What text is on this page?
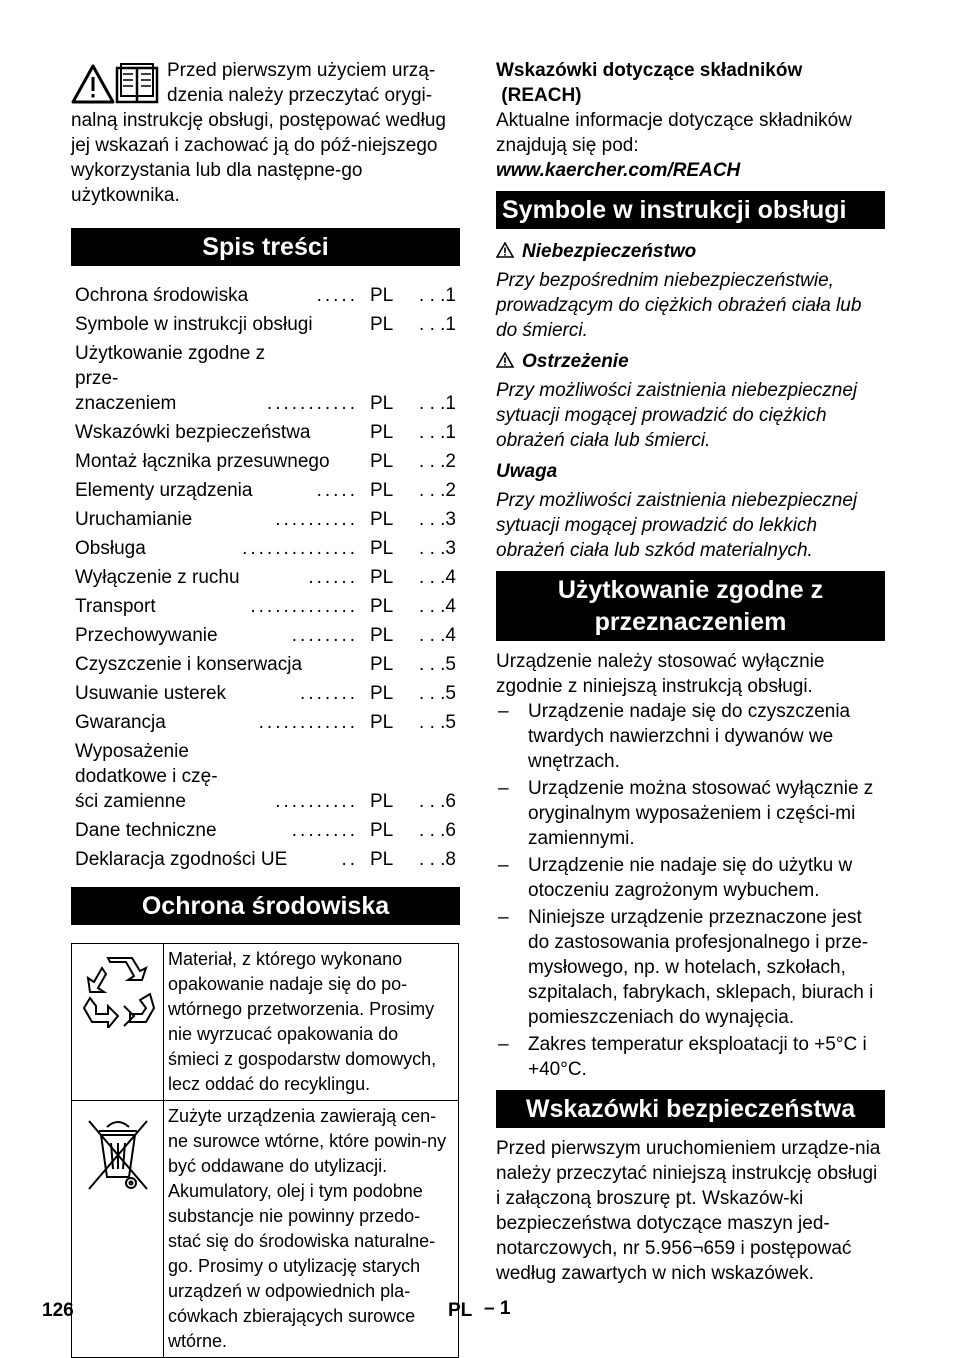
Przed pierwszym użyciem urzą-dzenia należy przeczytać orygi-nalną instrukcję obsługi, postępować według jej wskazań i zachować ją do póź-niejszego wykorzystania lub dla następne-go użytkownika.

Spis treści
Ochrona środowiska	..... PL	. . .1
Symbole w instrukcji obsługi	PL	. . .1
Użytkowanie zgodne z prze-
znaczeniem	........... PL	. . .1
Wskazówki bezpieczeństwa	PL	. . .1
Montaż łącznika przesuwnego	PL	. . .2
Elementy urządzenia	..... PL	. . .2
Uruchamianie	.......... PL	. . .3
Obsługa	.............. PL	. . .3
Wyłączenie z ruchu	...... PL	. . .4
Transport	............. PL	. . .4
Przechowywanie	........ PL	. . .4
Czyszczenie i konserwacja	PL	. . .5
Usuwanie usterek	....... PL	. . .5
Gwarancja	............ PL	. . .5
Wyposażenie dodatkowe i czę-
ści zamienne	.......... PL	. . .6
Dane techniczne	........ PL	. . .6
Deklaracja zgodności UE	.. PL	. . .8
Ochrona środowiska
	Materiał, z którego wykonano opakowanie nadaje się do po-wtórnego przetworzenia. Prosimy nie wyrzucać opakowania do śmieci z gospodarstw domowych, lecz oddać do recyklingu.
	Zużyte urządzenia zawierają cen-ne surowce wtórne, które powin-ny być oddawane do utylizacji. Akumulatory, olej i tym podobne substancje nie powinny przedo-stać się do środowiska naturalne-go. Prosimy o utylizację starych urządzeń w odpowiednich pla-cówkach zbierających surowce wtórne.

Wskazówki dotyczące składników
(REACH)

Aktualne informacje dotyczące składników znajdują się pod:

www.kaercher.com/REACH

Symbole w instrukcji obsługi

Niebezpieczeństwo

Przy bezpośrednim niebezpieczeństwie, prowadzącym do ciężkich obrażeń ciała lub do śmierci.

Ostrzeżenie

Przy możliwości zaistnienia niebezpiecznej sytuacji mogącej prowadzić do ciężkich obrażeń ciała lub śmierci.

Uwaga

Przy możliwości zaistnienia niebezpiecznej sytuacji mogącej prowadzić do lekkich obrażeń ciała lub szkód materialnych.

Użytkowanie zgodne z przeznaczeniem

Urządzenie należy stosować wyłącznie zgodnie z niniejszą instrukcją obsługi.

– Urządzenie nadaje się do czyszczenia twardych nawierzchni i dywanów we wnętrzach.
– Urządzenie można stosować wyłącznie z oryginalnym wyposażeniem i części-mi zamiennymi.
– Urządzenie nie nadaje się do użytku w otoczeniu zagrożonym wybuchem.
– Niniejsze urządzenie przeznaczone jest do zastosowania profesjonalnego i prze-mysłowego, np. w hotelach, szkołach, szpitalach, fabrykach, sklepach, biurach i pomieszczeniach do wynajęcia.
– Zakres temperatur eksploatacji to +5°C i +40°C.
Wskazówki bezpieczeństwa

Przed pierwszym uruchomieniem urządze-nia należy przeczytać niniejszą instrukcję obsługi i załączoną broszurę pt. Wskazów-ki bezpieczeństwa dotyczące maszyn jed-notarczowych, nr 5.956¬659 i postępować według zawartych w nich wskazówek.

126	PL – 1
